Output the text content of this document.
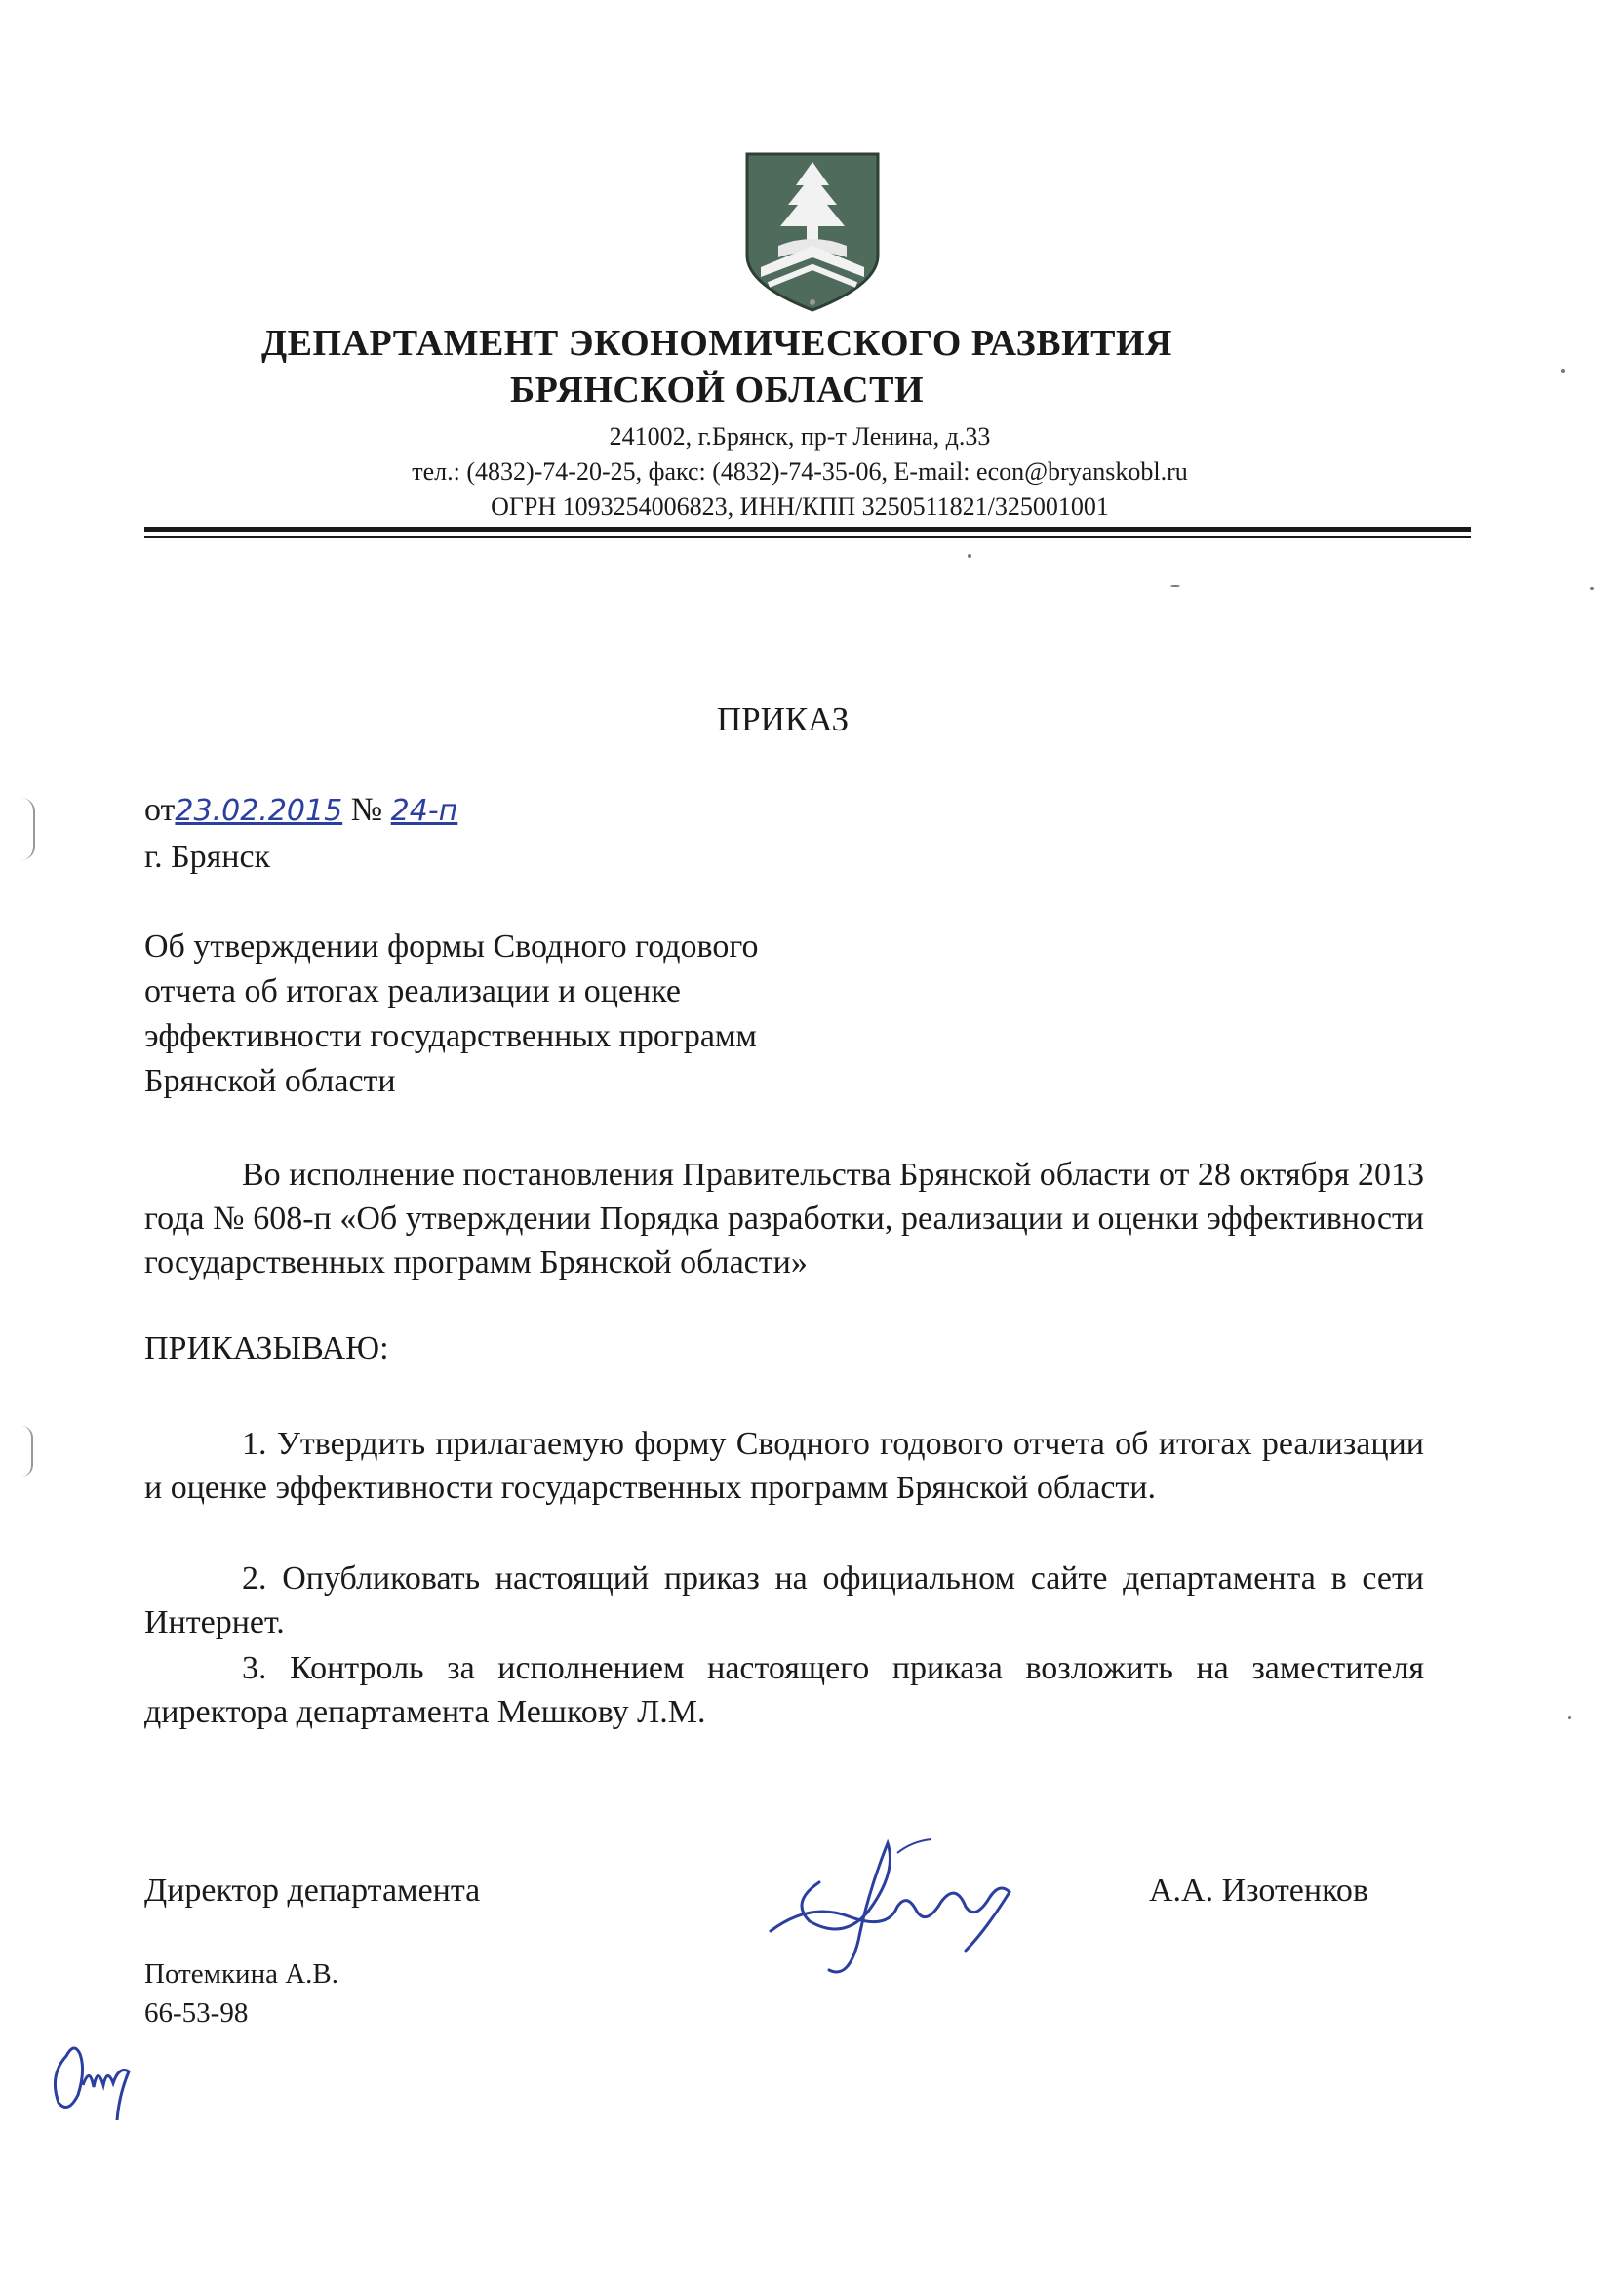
ДЕПАРТАМЕНТ ЭКОНОМИЧЕСКОГО РАЗВИТИЯ
БРЯНСКОЙ ОБЛАСТИ
241002, г.Брянск, пр-т Ленина, д.33
тел.: (4832)-74-20-25, факс: (4832)-74-35-06, E-mail: econ@bryanskobl.ru
ОГРН 1093254006823, ИНН/КПП 3250511821/325001001
ПРИКАЗ
от23.02.2015 № 24-п
г. Брянск
Об утверждении формы Сводного годового
отчета об итогах реализации и оценке
эффективности государственных программ
Брянской области
Во исполнение постановления Правительства Брянской области от 28 октября 2013 года № 608-п «Об утверждении Порядка разработки, реализации и оценки эффективности государственных программ Брянской области»
ПРИКАЗЫВАЮ:
1. Утвердить прилагаемую форму Сводного годового отчета об итогах реализации и оценке эффективности государственных программ Брянской области.
2. Опубликовать настоящий приказ на официальном сайте департамента в сети Интернет.
3. Контроль за исполнением настоящего приказа возложить на заместителя директора департамента Мешкову Л.М.
Директор департамента	А.А. Изотенков
Потемкина А.В.
66-53-98
